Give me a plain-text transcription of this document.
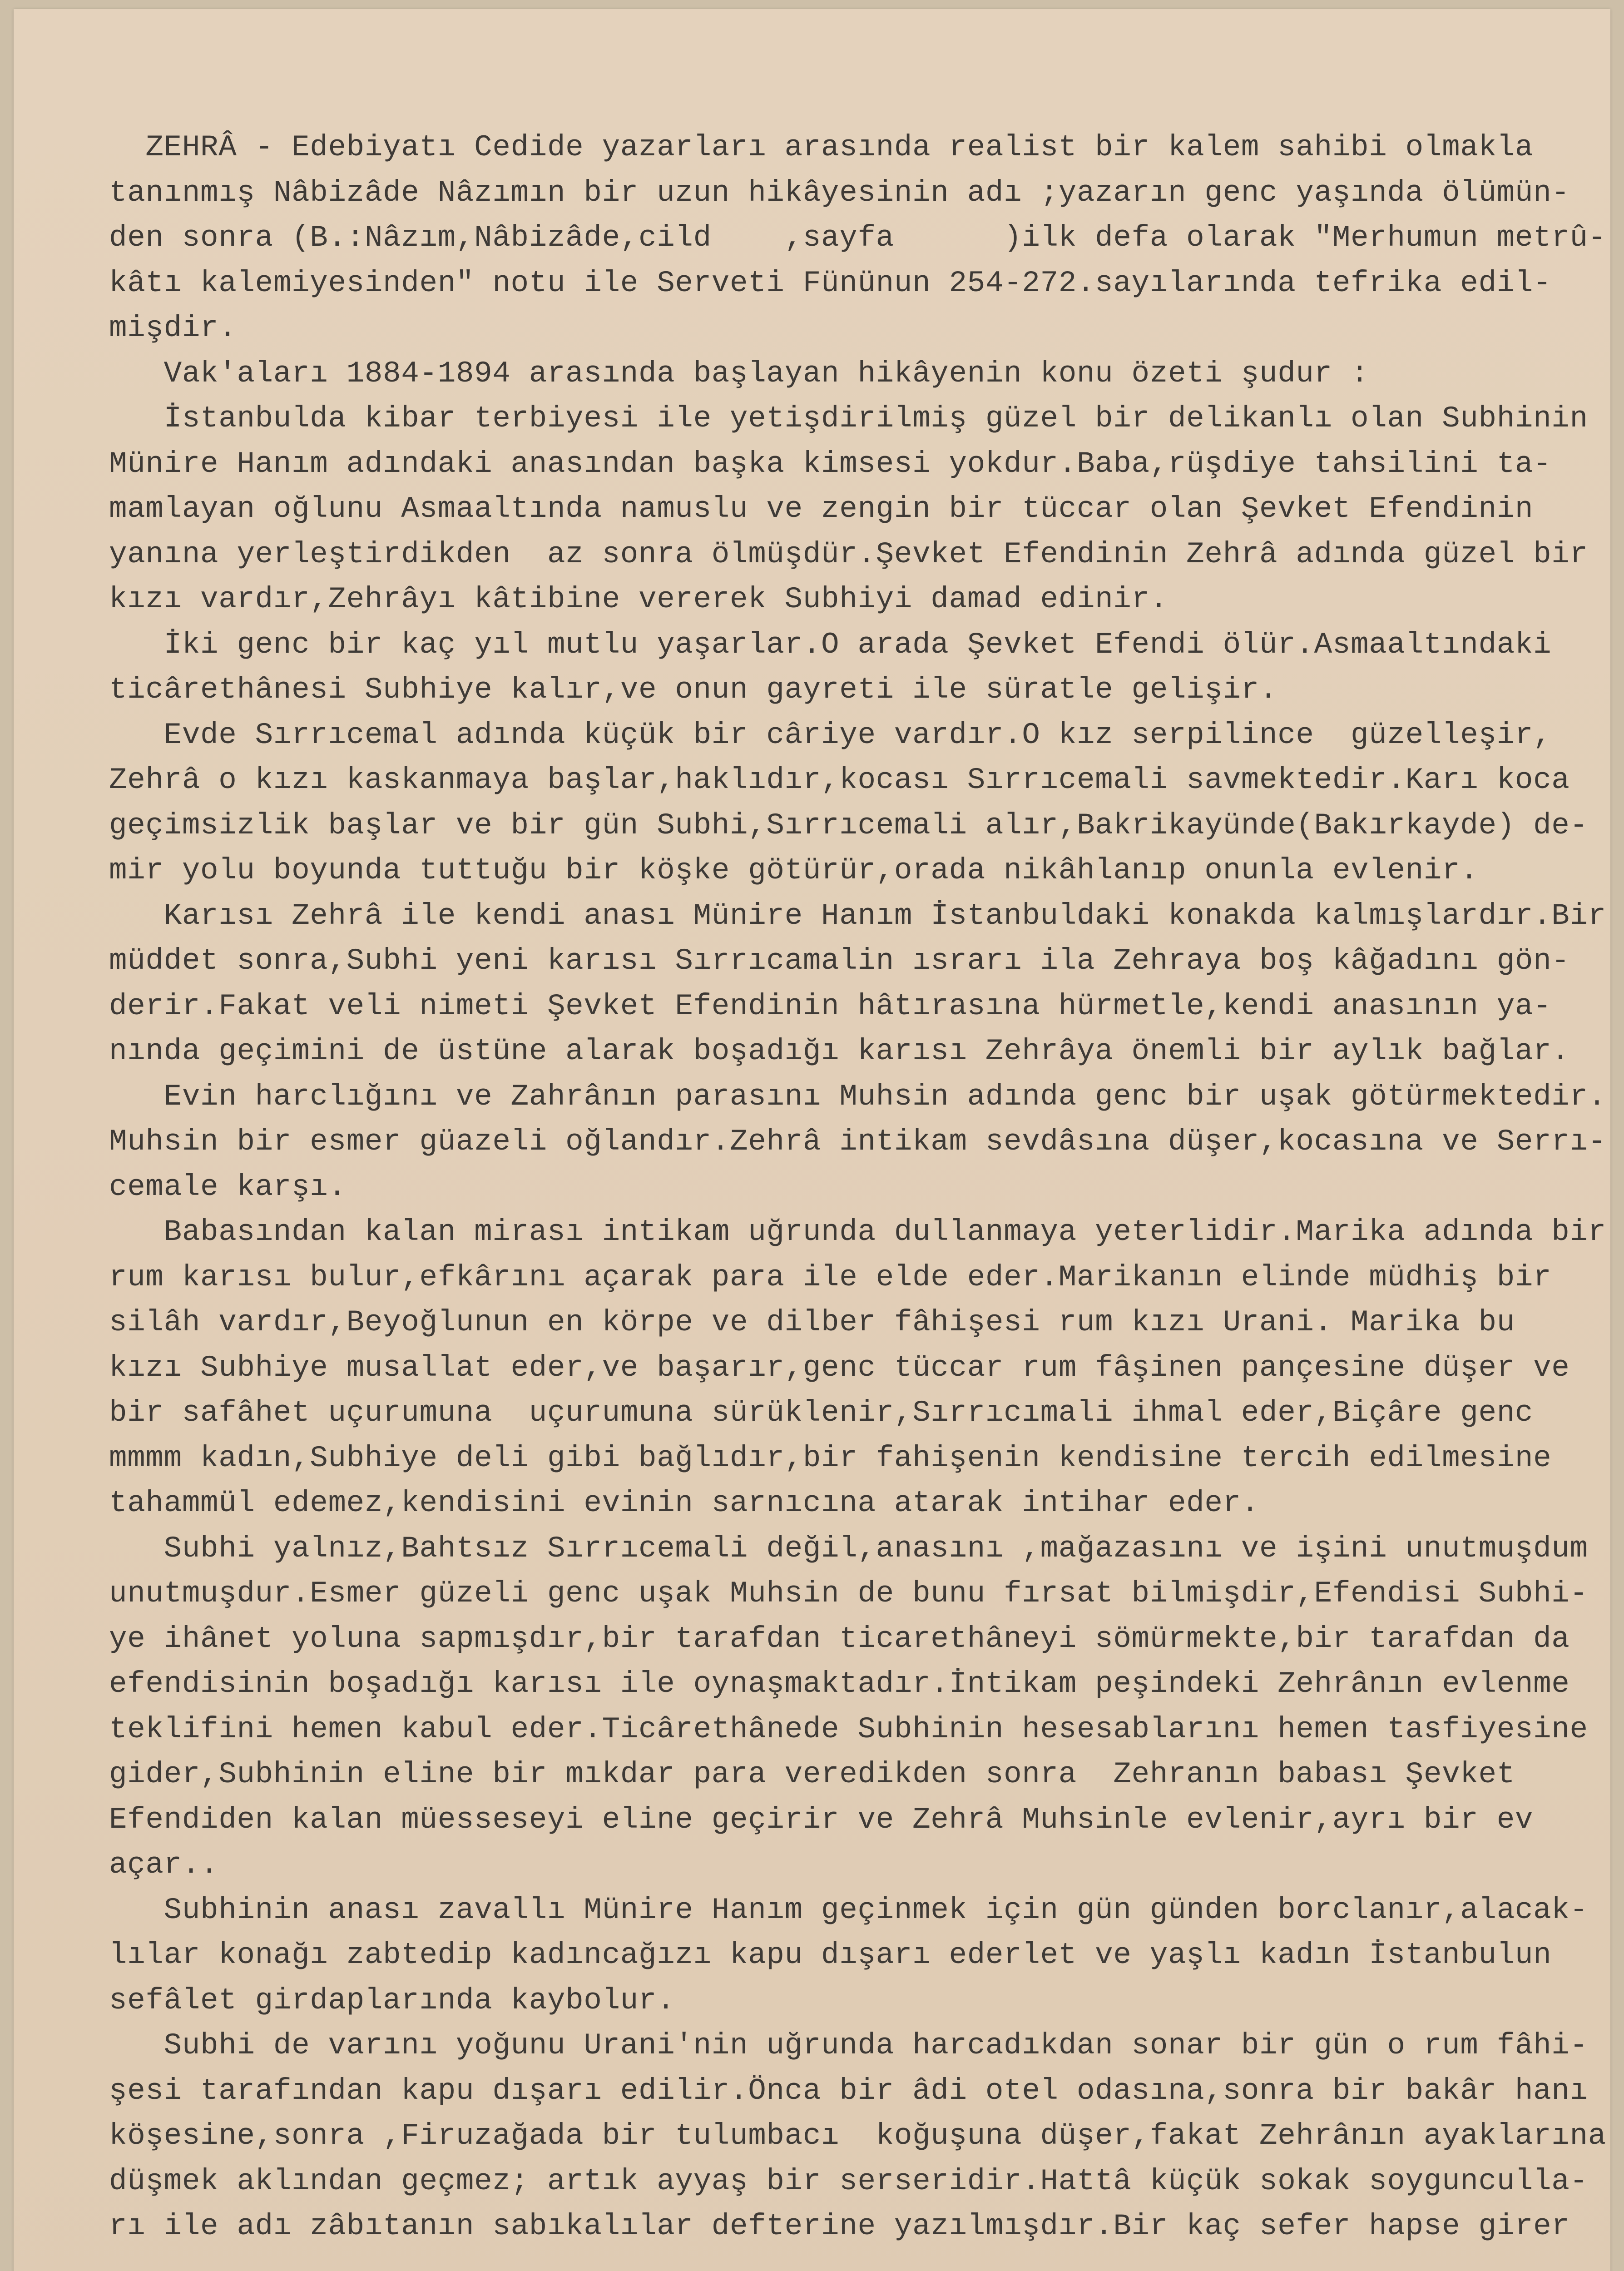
ZEHRÂ - Edebiyatı Cedide yazarları arasında realist bir kalem sahibi olmakla
tanınmış Nâbizâde Nâzımın bir uzun hikâyesinin adı ;yazarın genc yaşında ölümün-
den sonra (B.:Nâzım,Nâbizâde,cild    ,sayfa      )ilk defa olarak "Merhumun metrû-
kâtı kalemiyesinden" notu ile Serveti Fününun 254-272.sayılarında tefrika edil-
mişdir.
Vak'aları 1884-1894 arasında başlayan hikâyenin konu özeti şudur :
İstanbulda kibar terbiyesi ile yetişdirilmiş güzel bir delikanlı olan Subhinin
Münire Hanım adındaki anasından başka kimsesi yokdur.Baba,rüşdiye tahsilini ta-
mamlayan oğlunu Asmaaltında namuslu ve zengin bir tüccar olan Şevket Efendinin
yanına yerleştirdikden  az sonra ölmüşdür.Şevket Efendinin Zehrâ adında güzel bir
kızı vardır,Zehrâyı kâtibine vererek Subhiyi damad edinir.
İki genc bir kaç yıl mutlu yaşarlar.O arada Şevket Efendi ölür.Asmaaltındaki
ticârethânesi Subhiye kalır,ve onun gayreti ile süratle gelişir.
Evde Sırrıcemal adında küçük bir câriye vardır.O kız serpilince  güzelleşir,
Zehrâ o kızı kaskanmaya başlar,haklıdır,kocası Sırrıcemali savmektedir.Karı koca
geçimsizlik başlar ve bir gün Subhi,Sırrıcemali alır,Bakrikayünde(Bakırkayde) de-
mir yolu boyunda tuttuğu bir köşke götürür,orada nikâhlanıp onunla evlenir.
Karısı Zehrâ ile kendi anası Münire Hanım İstanbuldaki konakda kalmışlardır.Bir
müddet sonra,Subhi yeni karısı Sırrıcamalin ısrarı ila Zehraya boş kâğadını gön-
derir.Fakat veli nimeti Şevket Efendinin hâtırasına hürmetle,kendi anasının ya-
nında geçimini de üstüne alarak boşadığı karısı Zehrâya önemli bir aylık bağlar.
Evin harclığını ve Zahrânın parasını Muhsin adında genc bir uşak götürmektedir.
Muhsin bir esmer güazeli oğlandır.Zehrâ intikam sevdâsına düşer,kocasına ve Serrı-
cemale karşı.
Babasından kalan mirası intikam uğrunda dullanmaya yeterlidir.Marika adında bir
rum karısı bulur,efkârını açarak para ile elde eder.Marikanın elinde müdhiş bir
silâh vardır,Beyoğlunun en körpe ve dilber fâhişesi rum kızı Urani. Marika bu
kızı Subhiye musallat eder,ve başarır,genc tüccar rum fâşinen pançesine düşer ve
bir safâhet uçurumuna  uçurumuna sürüklenir,Sırrıcımali ihmal eder,Biçâre genc
mmmm kadın,Subhiye deli gibi bağlıdır,bir fahişenin kendisine tercih edilmesine
tahammül edemez,kendisini evinin sarnıcına atarak intihar eder.
Subhi yalnız,Bahtsız Sırrıcemali değil,anasını ,mağazasını ve işini unutmuşdum
unutmuşdur.Esmer güzeli genc uşak Muhsin de bunu fırsat bilmişdir,Efendisi Subhi-
ye ihânet yoluna sapmışdır,bir tarafdan ticarethâneyi sömürmekte,bir tarafdan da
efendisinin boşadığı karısı ile oynaşmaktadır.İntikam peşindeki Zehrânın evlenme
teklifini hemen kabul eder.Ticârethânede Subhinin hesesablarını hemen tasfiyesine
gider,Subhinin eline bir mıkdar para veredikden sonra  Zehranın babası Şevket
Efendiden kalan müesseseyi eline geçirir ve Zehrâ Muhsinle evlenir,ayrı bir ev
açar..
Subhinin anası zavallı Münire Hanım geçinmek için gün günden borclanır,alacak-
lılar konağı zabtedip kadıncağızı kapu dışarı ederlet ve yaşlı kadın İstanbulun
sefâlet girdaplarında kaybolur.
Subhi de varını yoğunu Urani'nin uğrunda harcadıkdan sonar bir gün o rum fâhi-
şesi tarafından kapu dışarı edilir.Önca bir âdi otel odasına,sonra bir bakâr hanı
köşesine,sonra ,Firuzağada bir tulumbacı  koğuşuna düşer,fakat Zehrânın ayaklarına
düşmek aklından geçmez; artık ayyaş bir serseridir.Hattâ küçük sokak soygunculla-
rı ile adı zâbıtanın sabıkalılar defterine yazılmışdır.Bir kaç sefer hapse girer
